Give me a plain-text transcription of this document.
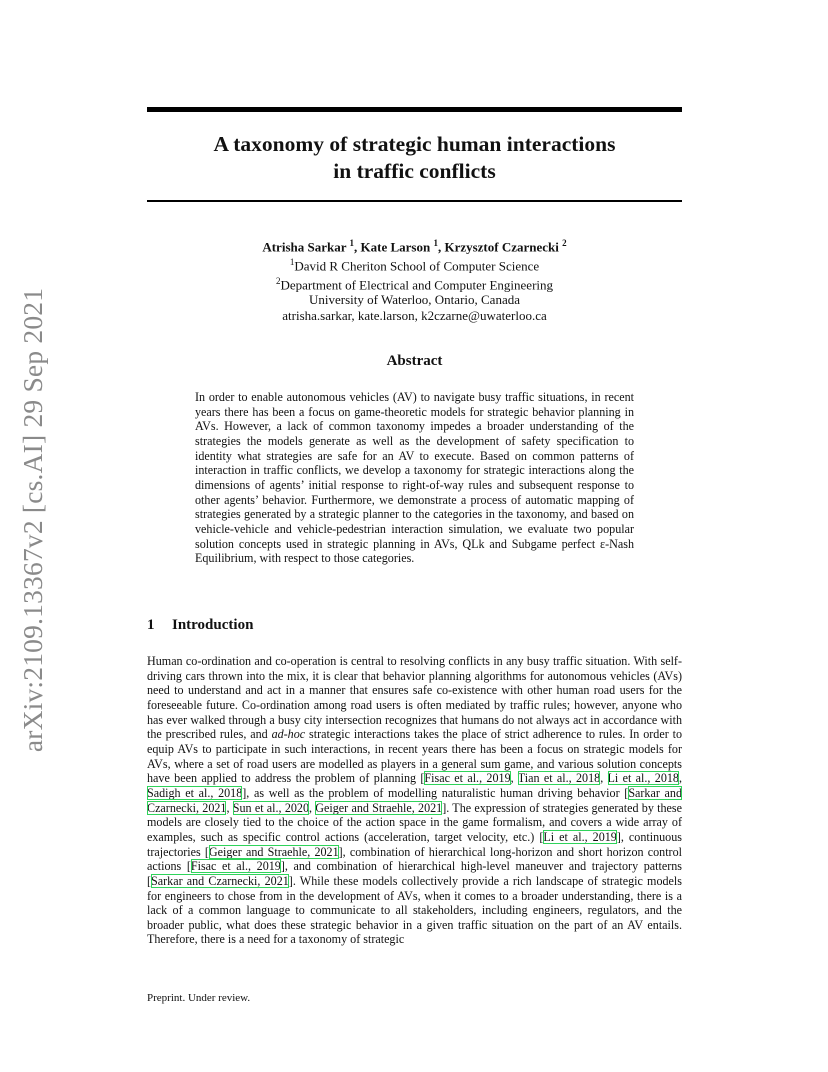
arXiv:2109.13367v2 [cs.AI] 29 Sep 2021
A taxonomy of strategic human interactions
in traffic conflicts
Atrisha Sarkar $^1$, Kate Larson $^1$, Krzysztof Czarnecki $^2$
$^1$David R Cheriton School of Computer Science
$^2$Department of Electrical and Computer Engineering
University of Waterloo, Ontario, Canada
atrisha.sarkar, kate.larson, k2czarne@uwaterloo.ca
Abstract

In order to enable autonomous vehicles (AV) to navigate busy traffic situations, in recent years there has been a focus on game-theoretic models for strategic behavior planning in AVs. However, a lack of common taxonomy impedes a broader understanding of the strategies the models generate as well as the development of safety specification to identity what strategies are safe for an AV to execute. Based on common patterns of interaction in traffic conflicts, we develop a taxonomy for strategic interactions along the dimensions of agents’ initial response to right-of-way rules and subsequent response to other agents’ behavior. Furthermore, we demonstrate a process of automatic mapping of strategies generated by a strategic planner to the categories in the taxonomy, and based on vehicle-vehicle and vehicle-pedestrian interaction simulation, we evaluate two popular solution concepts used in strategic planning in AVs, QLk and Subgame perfect ε-Nash Equilibrium, with respect to those categories.

1 Introduction

Human co-ordination and co-operation is central to resolving conflicts in any busy traffic situation. With self-driving cars thrown into the mix, it is clear that behavior planning algorithms for autonomous vehicles (AVs) need to understand and act in a manner that ensures safe co-existence with other human road users for the foreseeable future. Co-ordination among road users is often mediated by traffic rules; however, anyone who has ever walked through a busy city intersection recognizes that humans do not always act in accordance with the prescribed rules, and ad-hoc strategic interactions takes the place of strict adherence to rules. In order to equip AVs to participate in such interactions, in recent years there has been a focus on strategic models for AVs, where a set of road users are modelled as players in a general sum game, and various solution concepts have been applied to address the problem of planning [Fisac et al., 2019, Tian et al., 2018, Li et al., 2018, Sadigh et al., 2018], as well as the problem of modelling naturalistic human driving behavior [Sarkar and Czarnecki, 2021, Sun et al., 2020, Geiger and Straehle, 2021]. The expression of strategies generated by these models are closely tied to the choice of the action space in the game formalism, and covers a wide array of examples, such as specific control actions (acceleration, target velocity, etc.) [Li et al., 2019], continuous trajectories [Geiger and Straehle, 2021], combination of hierarchical long-horizon and short horizon control actions [Fisac et al., 2019], and combination of hierarchical high-level maneuver and trajectory patterns [Sarkar and Czarnecki, 2021]. While these models collectively provide a rich landscape of strategic models for engineers to chose from in the development of AVs, when it comes to a broader understanding, there is a lack of a common language to communicate to all stakeholders, including engineers, regulators, and the broader public, what does these strategic behavior in a given traffic situation on the part of an AV entails. Therefore, there is a need for a taxonomy of strategic

Preprint. Under review.
